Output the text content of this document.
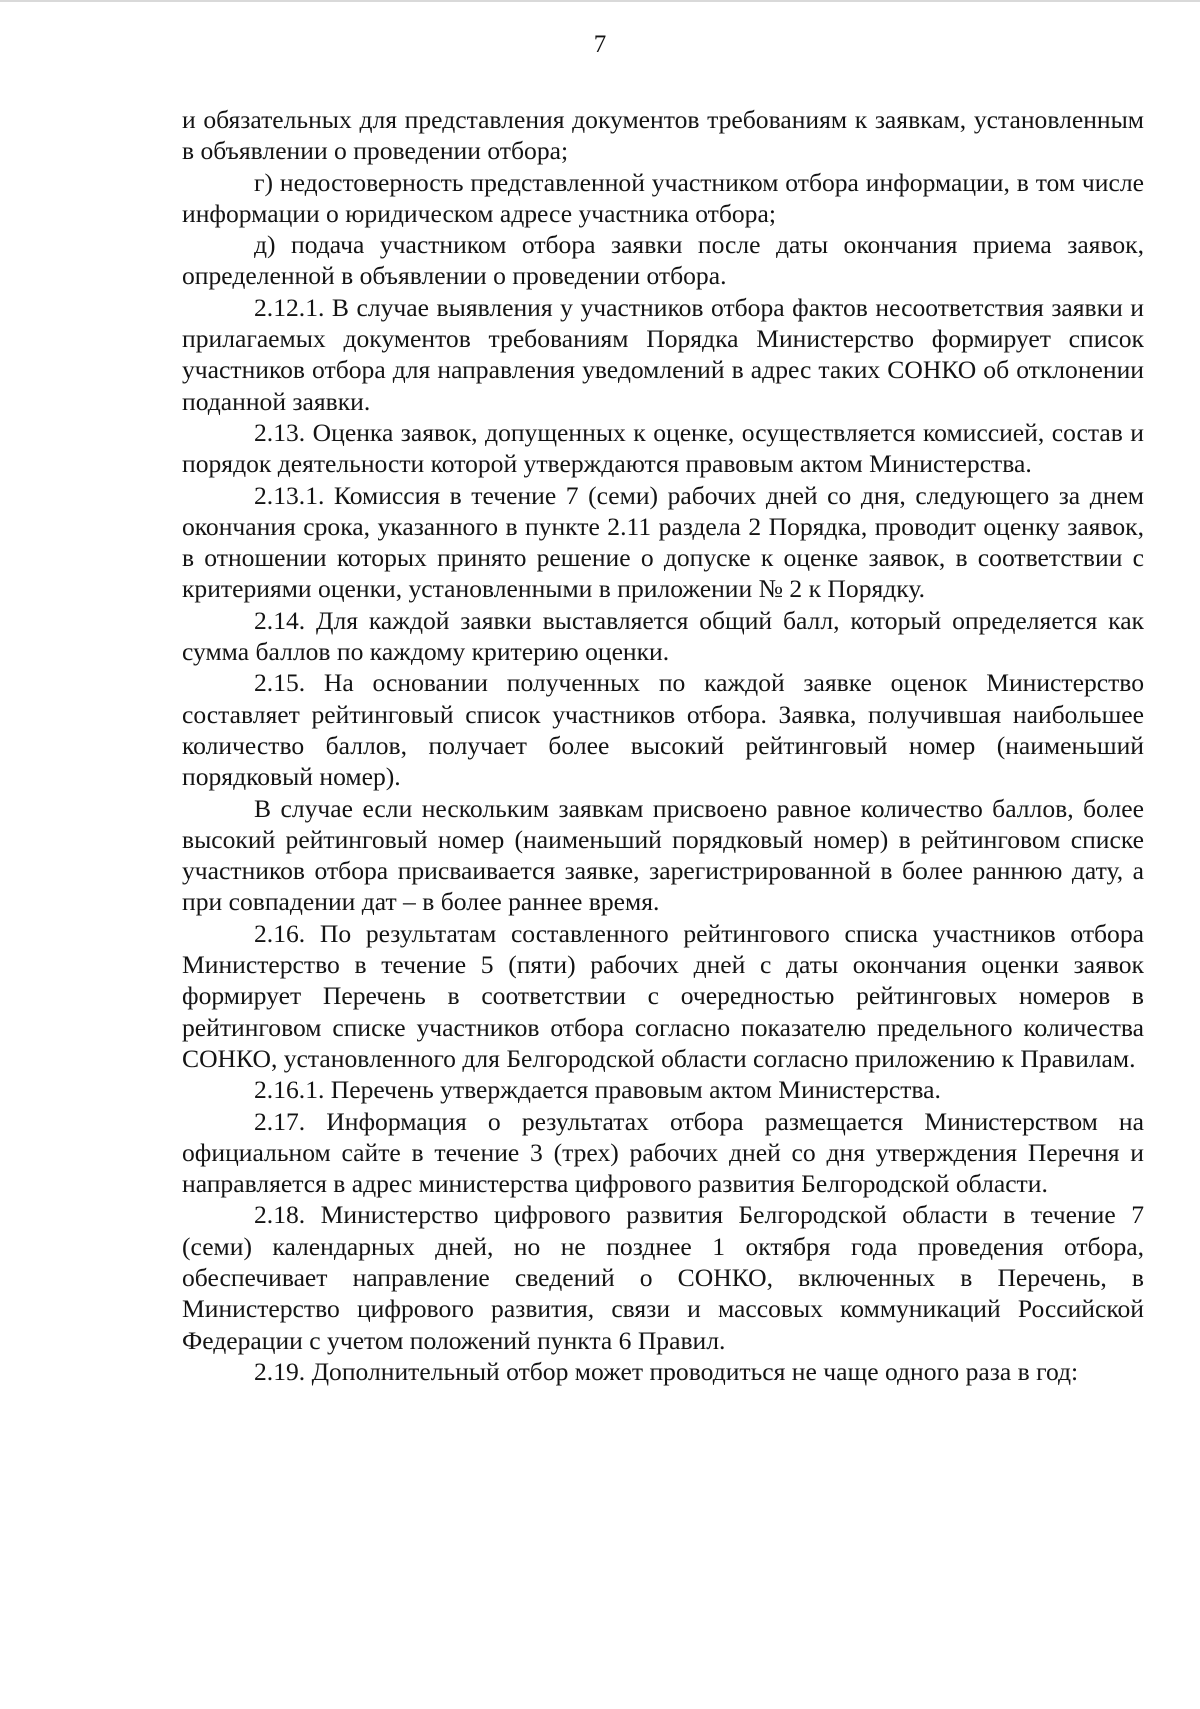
7

и обязательных для представления документов требованиям к заявкам, установленным в объявлении о проведении отбора;

г) недостоверность представленной участником отбора информации, в том числе информации о юридическом адресе участника отбора;

д) подача участником отбора заявки после даты окончания приема заявок, определенной в объявлении о проведении отбора.

2.12.1. В случае выявления у участников отбора фактов несоответствия заявки и прилагаемых документов требованиям Порядка Министерство формирует список участников отбора для направления уведомлений в адрес таких СОНКО об отклонении поданной заявки.

2.13. Оценка заявок, допущенных к оценке, осуществляется комиссией, состав и порядок деятельности которой утверждаются правовым актом Министерства.

2.13.1. Комиссия в течение 7 (семи) рабочих дней со дня, следующего за днем окончания срока, указанного в пункте 2.11 раздела 2 Порядка, проводит оценку заявок, в отношении которых принято решение о допуске к оценке заявок, в соответствии с критериями оценки, установленными в приложении № 2 к Порядку.

2.14. Для каждой заявки выставляется общий балл, который определяется как сумма баллов по каждому критерию оценки.

2.15. На основании полученных по каждой заявке оценок Министерство составляет рейтинговый список участников отбора. Заявка, получившая наибольшее количество баллов, получает более высокий рейтинговый номер (наименьший порядковый номер).

В случае если нескольким заявкам присвоено равное количество баллов, более высокий рейтинговый номер (наименьший порядковый номер) в рейтинговом списке участников отбора присваивается заявке, зарегистрированной в более раннюю дату, а при совпадении дат – в более раннее время.

2.16. По результатам составленного рейтингового списка участников отбора Министерство в течение 5 (пяти) рабочих дней с даты окончания оценки заявок формирует Перечень в соответствии с очередностью рейтинговых номеров в рейтинговом списке участников отбора согласно показателю предельного количества СОНКО, установленного для Белгородской области согласно приложению к Правилам.

2.16.1. Перечень утверждается правовым актом Министерства.

2.17. Информация о результатах отбора размещается Министерством на официальном сайте в течение 3 (трех) рабочих дней со дня утверждения Перечня и направляется в адрес министерства цифрового развития Белгородской области.

2.18. Министерство цифрового развития Белгородской области в течение 7 (семи) календарных дней, но не позднее 1 октября года проведения отбора, обеспечивает направление сведений о СОНКО, включенных в Перечень, в Министерство цифрового развития, связи и массовых коммуникаций Российской Федерации с учетом положений пункта 6 Правил.

2.19. Дополнительный отбор может проводиться не чаще одного раза в год:
